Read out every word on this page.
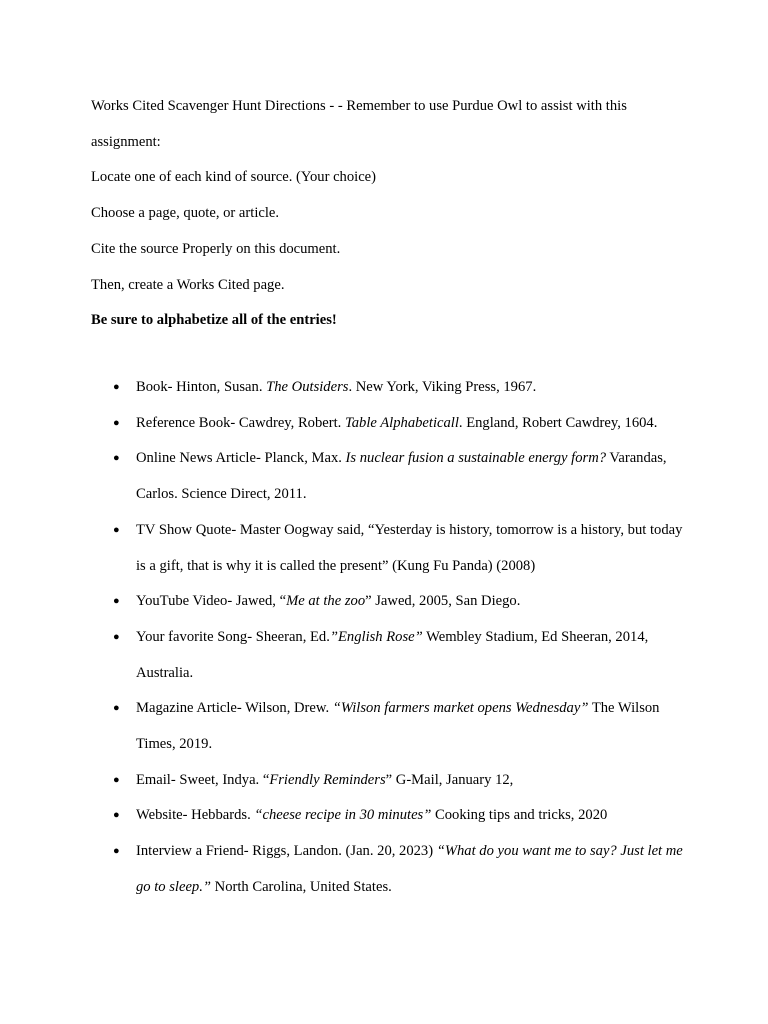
Works Cited Scavenger Hunt Directions - - Remember to use Purdue Owl to assist with this assignment:

Locate one of each kind of source. (Your choice)

Choose a page, quote, or article.

Cite the source Properly on this document.

Then, create a Works Cited page.

Be sure to alphabetize all of the entries!

● Book- Hinton, Susan. The Outsiders. New York, Viking Press, 1967.
● Reference Book- Cawdrey, Robert. Table Alphabeticall. England, Robert Cawdrey, 1604.
● Online News Article- Planck, Max. Is nuclear fusion a sustainable energy form? Varandas, Carlos. Science Direct, 2011.
● TV Show Quote- Master Oogway said, “Yesterday is history, tomorrow is a history, but today is a gift, that is why it is called the present” (Kung Fu Panda) (2008)
● YouTube Video- Jawed, “Me at the zoo” Jawed, 2005, San Diego.
● Your favorite Song- Sheeran, Ed.”English Rose” Wembley Stadium, Ed Sheeran, 2014, Australia.
● Magazine Article- Wilson, Drew. “Wilson farmers market opens Wednesday” The Wilson Times, 2019.
● Email- Sweet, Indya. “Friendly Reminders” G-Mail, January 12,
● Website- Hebbards. “cheese recipe in 30 minutes” Cooking tips and tricks, 2020
● Interview a Friend- Riggs, Landon. (Jan. 20, 2023) “What do you want me to say? Just let me go to sleep.” North Carolina, United States.
